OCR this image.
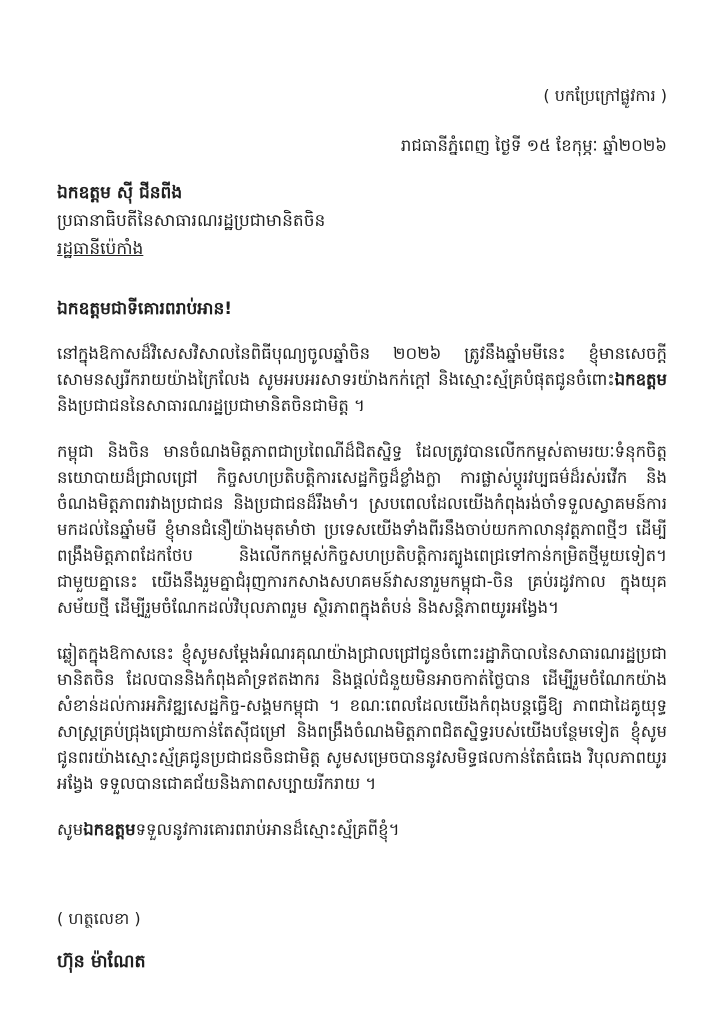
( បកប្រែក្រៅផ្លូវការ )
រាជធានីភ្នំពេញ ថ្ងៃទី ១៥ ខែកុម្ភៈ ឆ្នាំ២០២៦
ឯកឧត្តម ស៊ី ជីនពីង
ប្រធានាធិបតីនៃសាធារណរដ្ឋប្រជាមានិតចិន
រដ្ឋធានីប៉េកាំង
ឯកឧត្តមជាទីគោរពរាប់អាន!

នៅក្នុងឱកាសដ៏វិសេសវិសាលនៃពិធីបុណ្យចូលឆ្នាំចិន ២០២៦ ត្រូវនឹងឆ្នាំមមីនេះ ខ្ញុំមានសេចក្តីសោមនស្សរីករាយយ៉ាងក្រៃលែង សូមអបអរសាទរយ៉ាងកក់ក្តៅ និងស្មោះស្ម័គ្របំផុតជូនចំពោះឯកឧត្តម និងប្រជាជននៃសាធារណរដ្ឋប្រជាមានិតចិនជាមិត្ត ។

កម្ពុជា និងចិន មានចំណងមិត្តភាពជាប្រពៃណីដ៏ជិតស្និទ្ធ ដែលត្រូវបានលើកកម្ពស់តាមរយៈទំនុកចិត្តនយោបាយដ៏ជ្រាលជ្រៅ កិច្ចសហប្រតិបត្តិការសេដ្ឋកិច្ចដ៏ខ្លាំងក្លា ការផ្លាស់ប្តូរវប្បធម៌ដ៏រស់រវើក និងចំណងមិត្តភាពរវាងប្រជាជន និងប្រជាជនដ៏រឹងមាំ។ ស្របពេលដែលយើងកំពុងរង់ចាំទទួលស្វាគមន៍ការមកដល់នៃឆ្នាំមមី ខ្ញុំមានជំនឿយ៉ាងមុតមាំថា ប្រទេសយើងទាំងពីរនឹងចាប់យកកាលានុវត្តភាពថ្មីៗ ដើម្បីពង្រឹងមិត្តភាពដែកថែប និងលើកកម្ពស់កិច្ចសហប្រតិបត្តិការត្បូងពេជ្រទៅកាន់កម្រិតថ្មីមួយទៀត។ ជាមួយគ្នានេះ យើងនឹងរួមគ្នាជំរុញការកសាងសហគមន៍វាសនារួមកម្ពុជា-ចិន គ្រប់រដូវកាល ក្នុងយុគសម័យថ្មី ដើម្បីរួមចំណែកដល់វិបុលភាពរួម ស្ថិរភាពក្នុងតំបន់ និងសន្តិភាពយូរអង្វែង។

ឆ្លៀតក្នុងឱកាសនេះ ខ្ញុំសូមសម្តែងអំណរគុណយ៉ាងជ្រាលជ្រៅជូនចំពោះរដ្ឋាភិបាលនៃសាធារណរដ្ឋប្រជាមានិតចិន ដែលបាននិងកំពុងគាំទ្រឥតងាករ និងផ្តល់ជំនួយមិនអាចកាត់ថ្លៃបាន ដើម្បីរួមចំណែកយ៉ាងសំខាន់ដល់ការអភិវឌ្ឍសេដ្ឋកិច្ច-សង្គមកម្ពុជា ។ ខណៈពេលដែលយើងកំពុងបន្តធ្វើឱ្យ ភាពជាដៃគូយុទ្ធសាស្ត្រគ្រប់ជ្រុងជ្រោយកាន់តែស៊ីជម្រៅ និងពង្រឹងចំណងមិត្តភាពជិតស្និទ្ធរបស់យើងបន្ថែមទៀត ខ្ញុំសូមជូនពរយ៉ាងស្មោះស្ម័គ្រជូនប្រជាជនចិនជាមិត្ត សូមសម្រេចបាននូវសមិទ្ធផលកាន់តែធំធេង វិបុលភាពយូរអង្វែង ទទួលបានជោគជ័យនិងភាពសប្បាយរីករាយ ។

សូមឯកឧត្តមទទួលនូវការគោរពរាប់អានដ៏ស្មោះស្ម័គ្រពីខ្ញុំ។

( ហត្ថលេខា )
ហ៊ុន ម៉ាណែត
